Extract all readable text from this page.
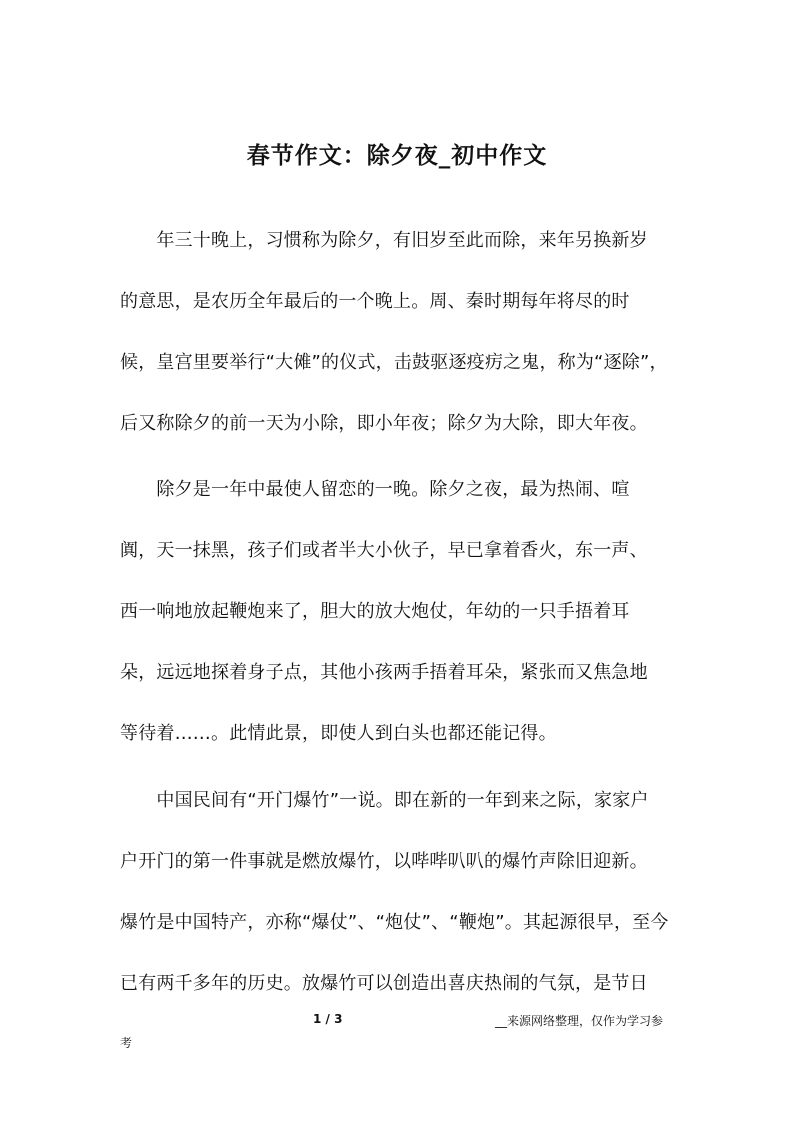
春节作文：除夕夜_初中作文
　　年三十晚上，习惯称为除夕，有旧岁至此而除，来年另换新岁
的意思，是农历全年最后的一个晚上。周、秦时期每年将尽的时
候，皇宫里要举行“大傩”的仪式，击鼓驱逐疫疠之鬼，称为“逐除”，
后又称除夕的前一天为小除，即小年夜；除夕为大除，即大年夜。
　　除夕是一年中最使人留恋的一晚。除夕之夜，最为热闹、喧
阗，天一抹黑，孩子们或者半大小伙子，早已拿着香火，东一声、
西一响地放起鞭炮来了，胆大的放大炮仗，年幼的一只手捂着耳
朵，远远地探着身子点，其他小孩两手捂着耳朵，紧张而又焦急地
等待着……。此情此景，即使人到白头也都还能记得。
　　中国民间有“开门爆竹”一说。即在新的一年到来之际，家家户
户开门的第一件事就是燃放爆竹，以哔哔叭叭的爆竹声除旧迎新。
爆竹是中国特产，亦称“爆仗”、“炮仗”、“鞭炮”。其起源很早，至今
已有两千多年的历史。放爆竹可以创造出喜庆热闹的气氛，是节日
1 / 3	__来源网络整理，仅作为学习参
考
